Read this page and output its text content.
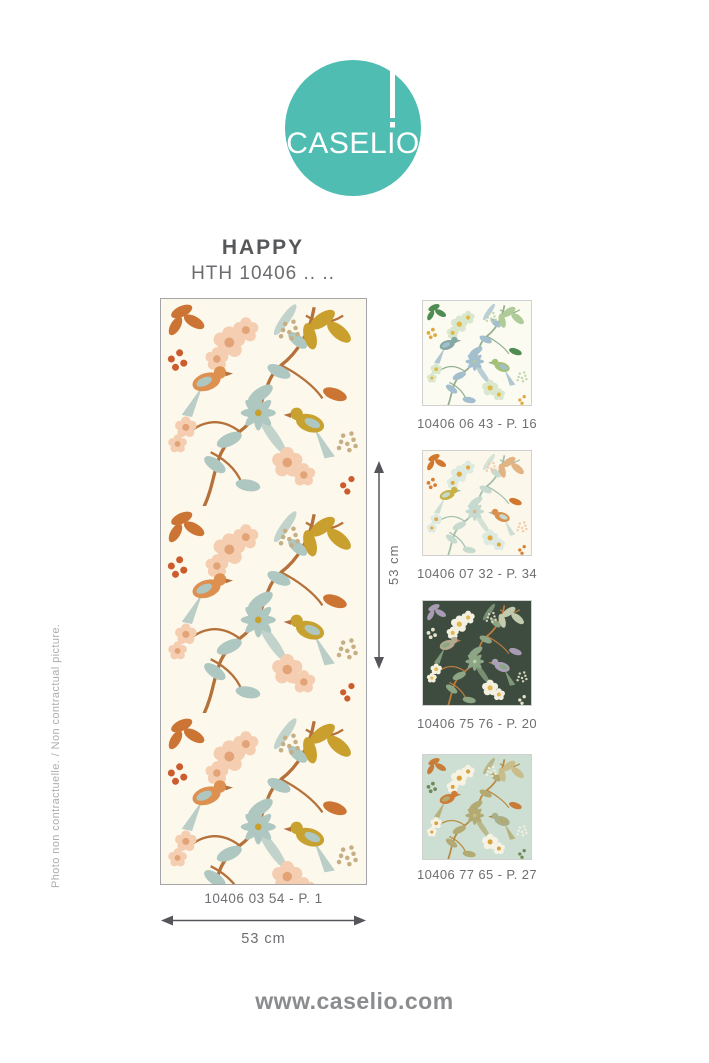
CASELIO
HAPPY
HTH 10406 .. ..
53 cm
10406 03 54 - P. 1
53 cm
Photo non contractuelle. / Non contractual picture.
10406 06 43 - P. 16
10406 07 32 - P. 34
10406 75 76 - P. 20
10406 77 65 - P. 27
www.caselio.com
